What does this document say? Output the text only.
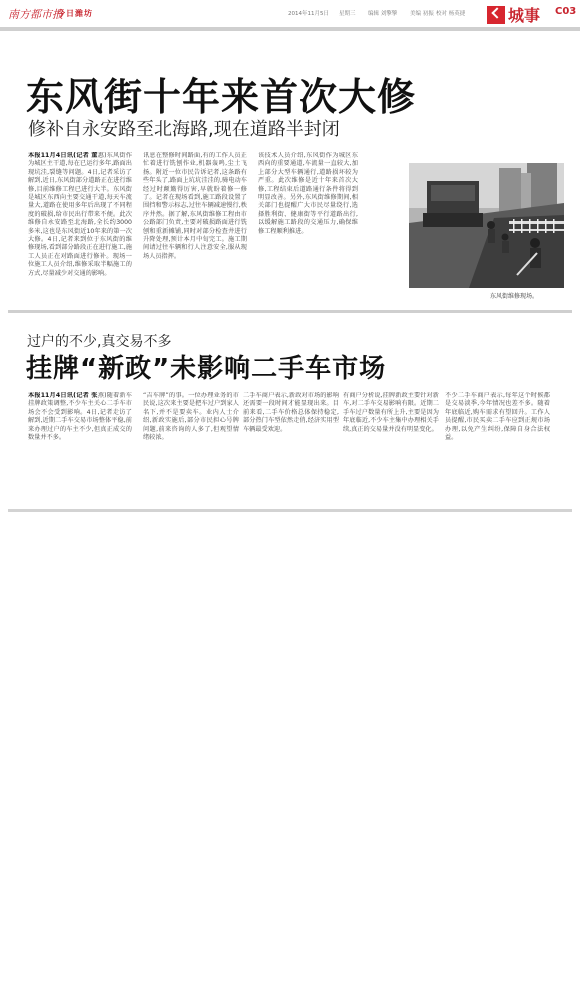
南方都市报
今日潍坊	2014年11月5日 星期三 编辑 刘擎擎 美编 初振 校对 杨英捷	城事 C03
东风街十年来首次大修
修补自永安路至北海路,现在道路半封闭
本报11月4日讯(记者 董惠)东风街作为城区主干道,每在已运行多年,路面出现坑洼,裂缝等问题。4日,记者采访了解到,近日,东风街部分道路正在进行维修,目前维修工程已进行大半。东风街是城区东西向主要交通干道,每天车流量大,道路在使用多年后出现了不同程度的破损,给市民出行带来不便。此次维修自永安路至北海路,全长约3000多米,这也是东风街近10年来的第一次大修。4日,记者来到位于东风街的维修现场,看到部分路段正在进行施工,施工人员正在对路面进行修补。现场一位施工人员介绍,维修采取半幅施工的方式,尽量减少对交通的影响。
讯息在整修时间路面,有的工作人员正忙着进行铣刨作业,机器轰鸣,尘土飞扬。附近一位市民告诉记者,这条路有些年头了,路面上坑坑洼洼的,骑电动车经过时颠簸得厉害,早就盼着修一修了。记者在现场看到,施工路段设置了围挡和警示标志,过往车辆减速慢行,秩序井然。据了解,东风街维修工程由市公路部门负责,主要对破损路面进行铣刨和重新摊铺,同时对部分检查井进行升降处理,预计本月中旬完工。施工期间请过往车辆和行人注意安全,服从现场人员指挥。
该技术人员介绍,东风街作为城区东西向的重要通道,车流量一直较大,加上部分大型车辆通行,道路损坏较为严重。此次维修是近十年来首次大修,工程结束后道路通行条件将得到明显改善。另外,东风街维修期间,相关部门也提醒广大市民尽量绕行,选择胜利街、健康街等平行道路出行,以缓解施工路段的交通压力,确保维修工程顺利推进。
东风街维修现场。
过户的不少,真交易不多
挂牌“新政”未影响二手车市场
本报11月4日讯(记者 张燕)随着新车挂牌政策调整,不少车主关心二手车市场会不会受到影响。4日,记者走访了解到,近期二手车交易市场整体平稳,前来办理过户的车主不少,但真正成交的数量并不多。
“吉车牌”的事。一位办理业务的市民说,这次来主要是把车过户到家人名下,并不是要卖车。业内人士介绍,新政实施后,部分市民担心号牌问题,前来咨询的人多了,但观望情绪较浓。
二手车商户表示,新政对市场的影响还需要一段时间才能显现出来。目前来看,二手车价格总体保持稳定,部分热门车型依然走俏,经济实用型车辆最受欢迎。
有商户分析说,挂牌新政主要针对新车,对二手车交易影响有限。近期二手车过户数量有所上升,主要是因为年底临近,不少车主集中办理相关手续,真正的交易量并没有明显变化。
不少二手车商户表示,每年这个时候都是交易淡季,今年情况也差不多。随着年底临近,购车需求有望回升。工作人员提醒,市民买卖二手车应到正规市场办理,以免产生纠纷,保障自身合法权益。
